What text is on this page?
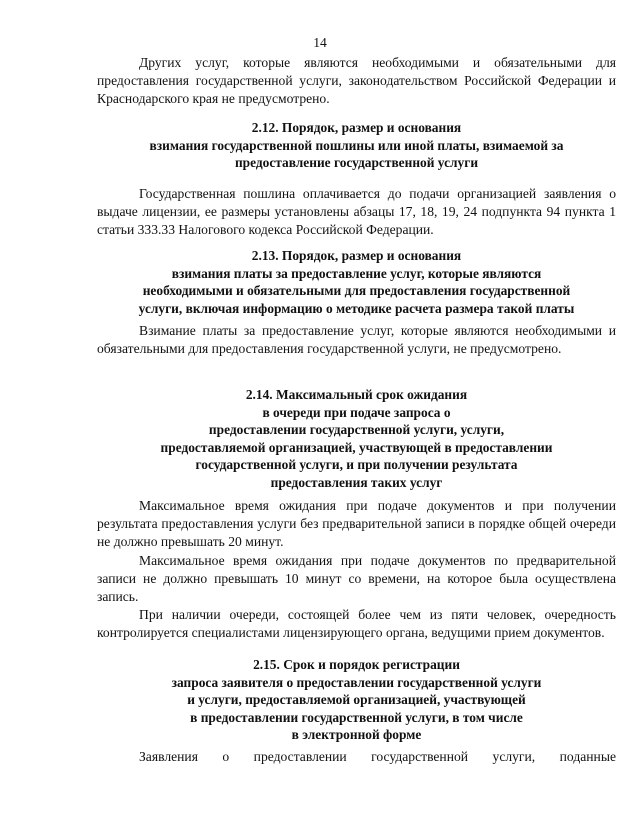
14

Других услуг, которые являются необходимыми и обязательными для предоставления государственной услуги, законодательством Российской Федерации и Краснодарского края не предусмотрено.

2.12. Порядок, размер и основания
взимания государственной пошлины или иной платы, взимаемой за
предоставление государственной услуги

Государственная пошлина оплачивается до подачи организацией заявления о выдаче лицензии, ее размеры установлены абзацы 17, 18, 19, 24 подпункта 94 пункта 1 статьи 333.33 Налогового кодекса Российской Федерации.

2.13. Порядок, размер и основания
взимания платы за предоставление услуг, которые являются
необходимыми и обязательными для предоставления государственной
услуги, включая информацию о методике расчета размера такой платы

Взимание платы за предоставление услуг, которые являются необходимыми и обязательными для предоставления государственной услуги, не предусмотрено.

2.14. Максимальный срок ожидания
в очереди при подаче запроса о
предоставлении государственной услуги, услуги,
предоставляемой организацией, участвующей в предоставлении
государственной услуги, и при получении результата
предоставления таких услуг

Максимальное время ожидания при подаче документов и при получении результата предоставления услуги без предварительной записи в порядке общей очереди не должно превышать 20 минут.

Максимальное время ожидания при подаче документов по предварительной записи не должно превышать 10 минут со времени, на которое была осуществлена запись.

При наличии очереди, состоящей более чем из пяти человек, очередность контролируется специалистами лицензирующего органа, ведущими прием документов.

2.15. Срок и порядок регистрации
запроса заявителя о предоставлении государственной услуги
и услуги, предоставляемой организацией, участвующей
в предоставлении государственной услуги, в том числе
в электронной форме

Заявления о предоставлении государственной услуги, поданные
